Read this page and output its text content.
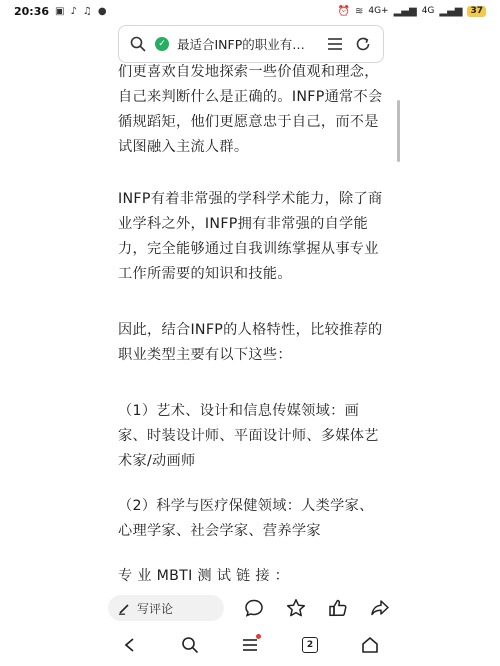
20:36 ▣ ♪ ♫ ●	⏰ ≋ 4G+ ▂▄▆ 4G ▂▄▆ 37
✓ 最适合INFP的职业有…

们更喜欢自发地探索一些价值观和理念，自己来判断什么是正确的。INFP通常不会循规蹈矩，他们更愿意忠于自己，而不是试图融入主流人群。

INFP有着非常强的学科学术能力，除了商业学科之外，INFP拥有非常强的自学能力，完全能够通过自我训练掌握从事专业工作所需要的知识和技能。

因此，结合INFP的人格特性，比较推荐的职业类型主要有以下这些：

（1）艺术、设计和信息传媒领域：画家、时装设计师、平面设计师、多媒体艺术家/动画师

（2）科学与医疗保健领域：人类学家、心理学家、社会学家、营养学家

专 业 MBTI 测 试 链 接 ：

写评论
2
